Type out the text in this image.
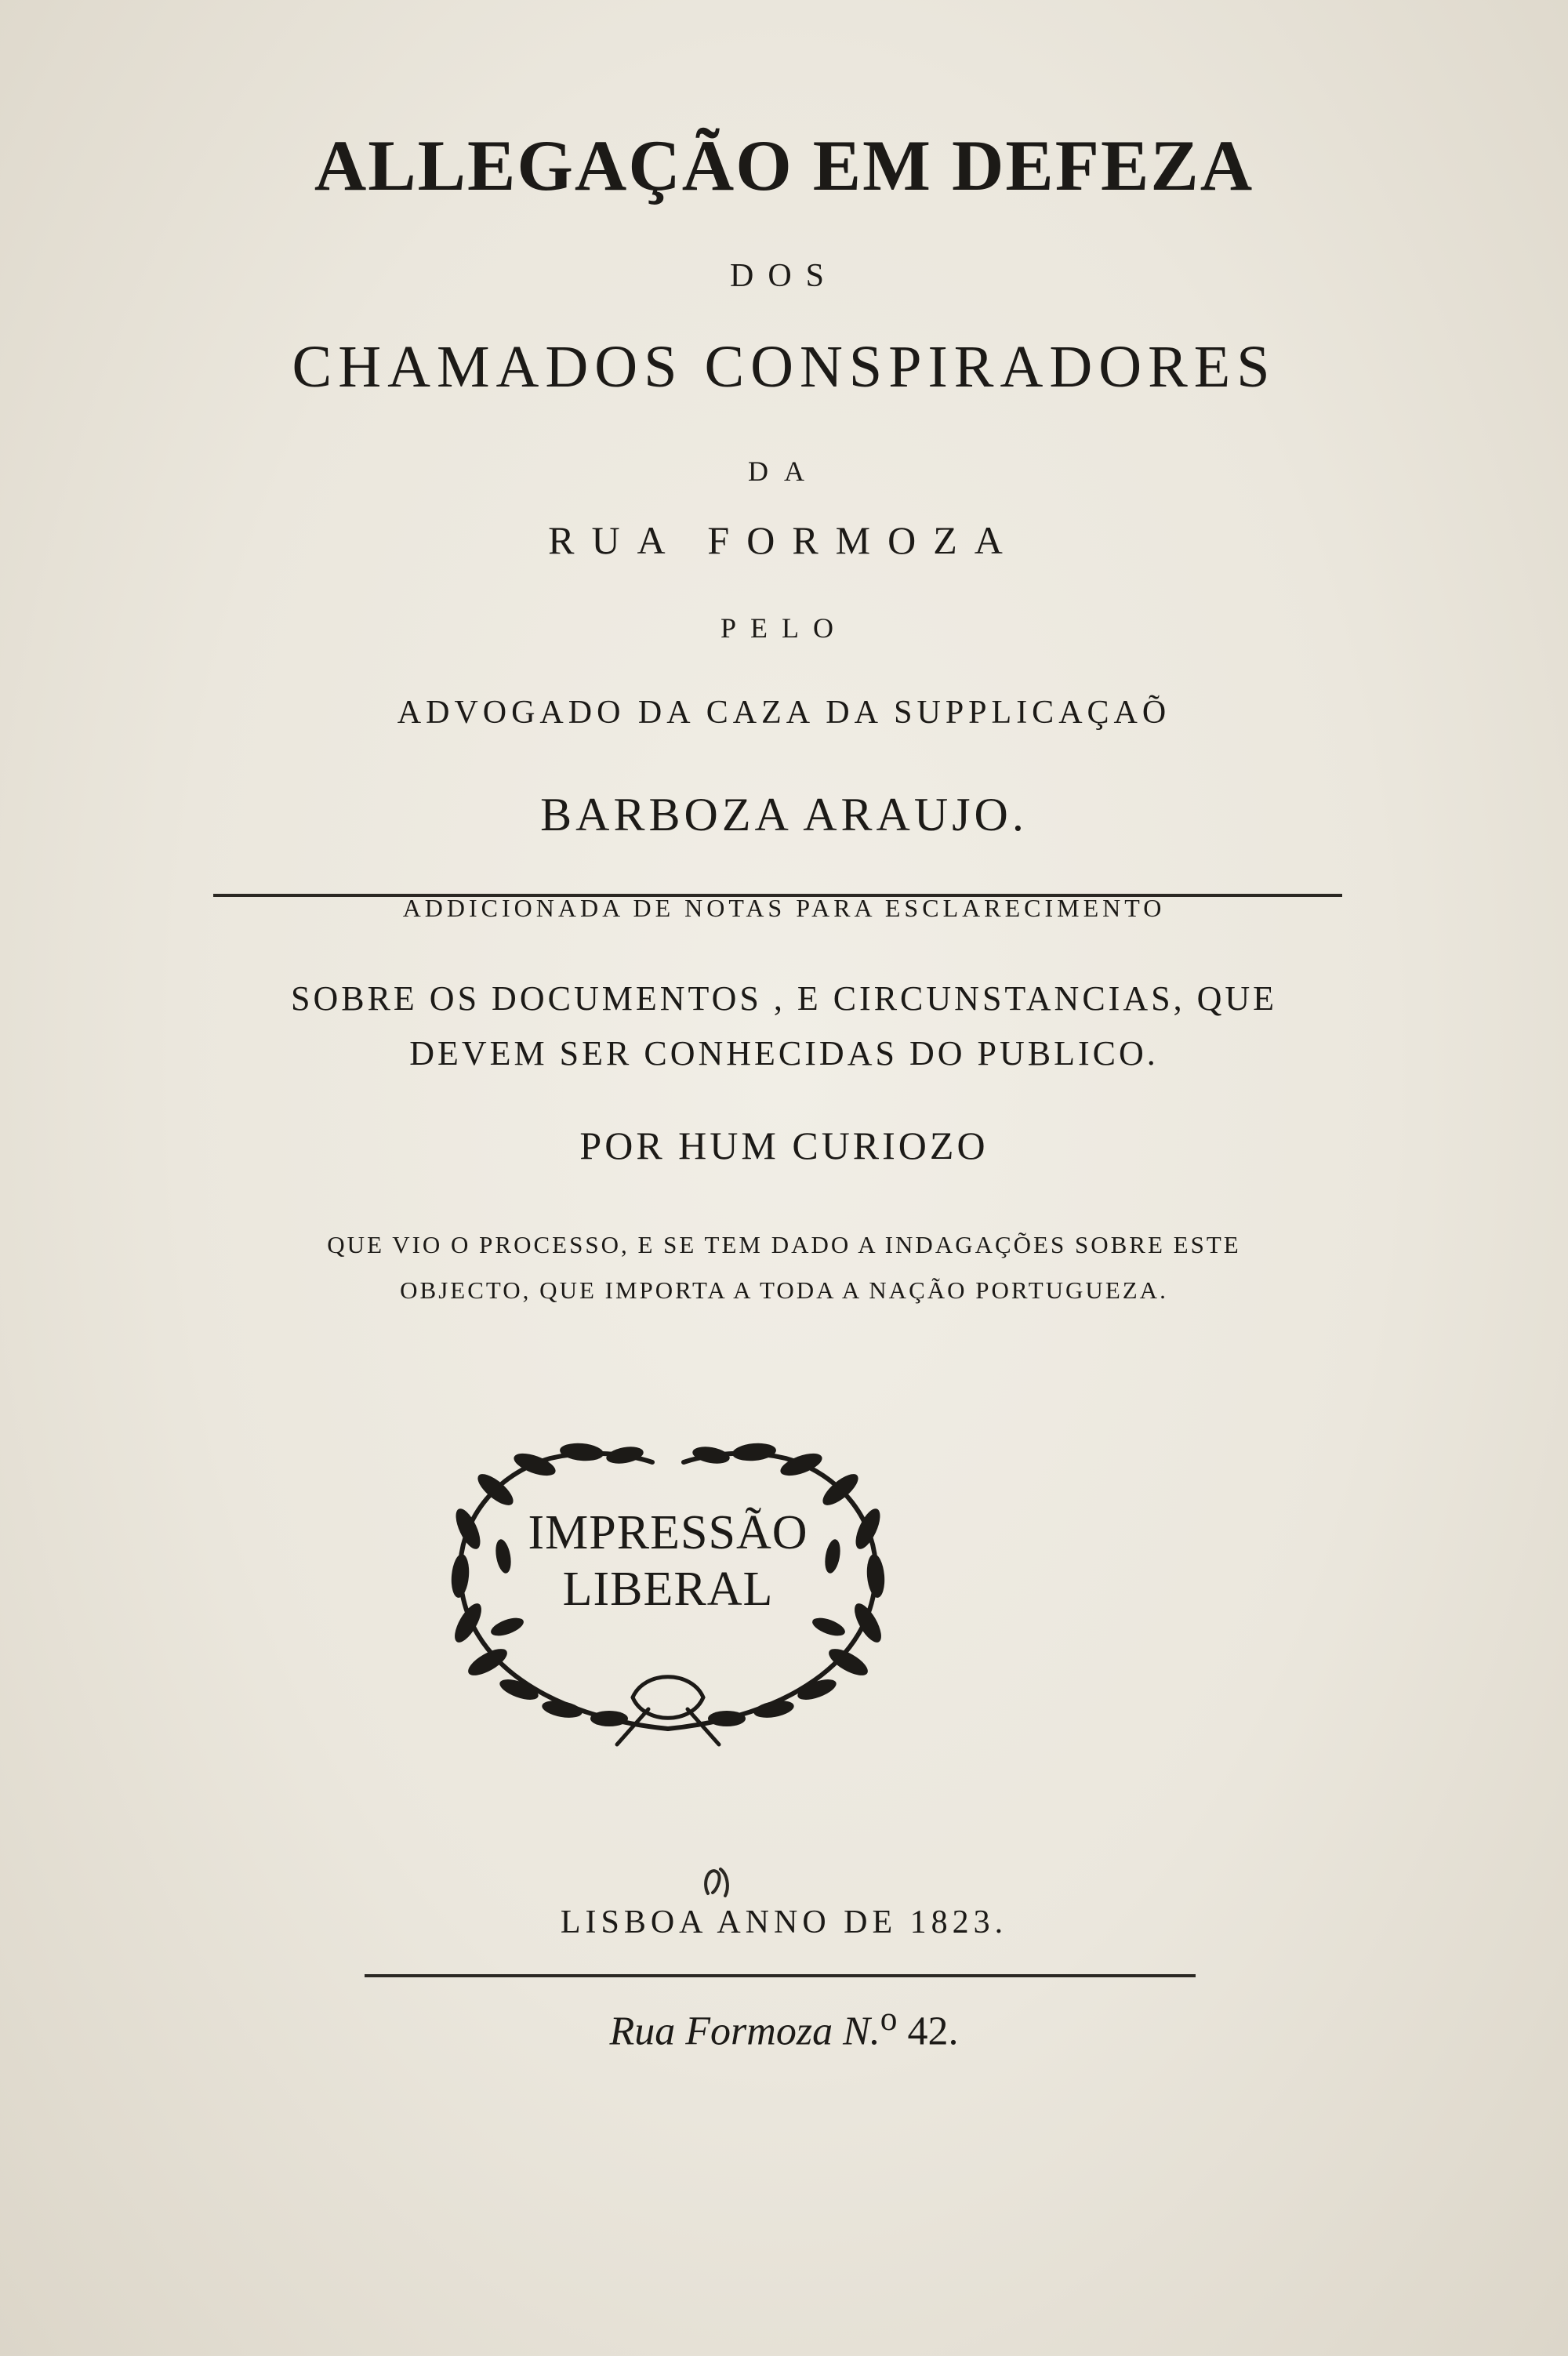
ALLEGAÇÃO EM DEFEZA

DOS

CHAMADOS CONSPIRADORES

DA

RUA FORMOZA

PELO

ADVOGADO DA CAZA DA SUPPLICAÇAÕ

BARBOZA ARAUJO.

ADDICIONADA DE NOTAS PARA ESCLARECIMENTO

SOBRE OS DOCUMENTOS , E CIRCUNSTANCIAS, QUE

DEVEM SER CONHECIDAS DO PUBLICO.

POR HUM CURIOZO

QUE VIO O PROCESSO, E SE TEM DADO A INDAGAÇÕES SOBRE ESTE

OBJECTO, QUE IMPORTA A TODA A NAÇÃO PORTUGUEZA.

IMPRESSÃO

LIBERAL

LISBOA ANNO DE 1823.

Rua Formoza N.$^o$ 42.
